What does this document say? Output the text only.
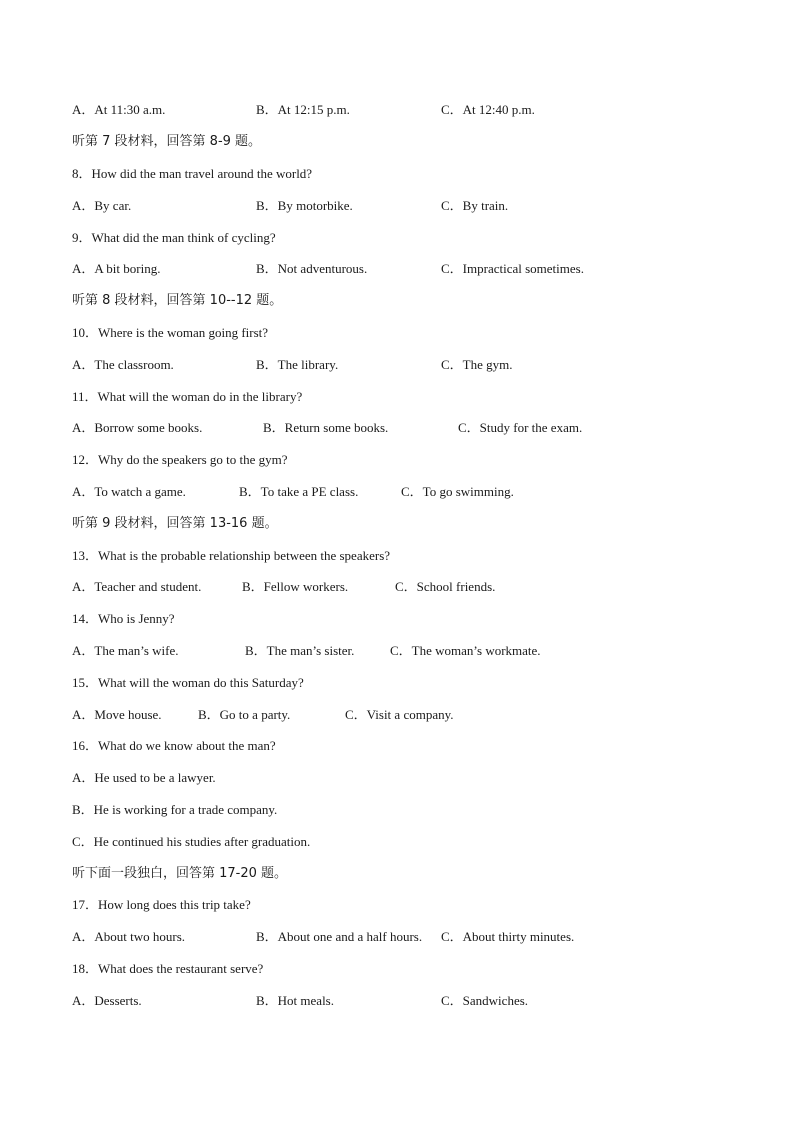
A．At 11:30 a.m.	B．At 12:15 p.m.	C．At 12:40 p.m.
听第 7 段材料，回答第 8-9 题。
8．How did the man travel around the world?
A．By car.	B．By motorbike.	C．By train.
9．What did the man think of cycling?
A．A bit boring.	B．Not adventurous.	C．Impractical sometimes.
听第 8 段材料，回答第 10--12 题。
10．Where is the woman going first?
A．The classroom.	B．The library.	C．The gym.
11．What will the woman do in the library?
A．Borrow some books.	B．Return some books.	C．Study for the exam.
12．Why do the speakers go to the gym?
A．To watch a game.	B．To take a PE class.	C．To go swimming.
听第 9 段材料，回答第 13-16 题。
13．What is the probable relationship between the speakers?
A．Teacher and student.	B．Fellow workers.	C．School friends.
14．Who is Jenny?
A．The man’s wife.	B．The man’s sister.	C．The woman’s workmate.
15．What will the woman do this Saturday?
A．Move house.	B．Go to a party.	C．Visit a company.
16．What do we know about the man?
A．He used to be a lawyer.
B．He is working for a trade company.
C．He continued his studies after graduation.
听下面一段独白，回答第 17-20 题。
17．How long does this trip take?
A．About two hours.	B．About one and a half hours. C．About thirty minutes.
18．What does the restaurant serve?
A．Desserts.	B．Hot meals.	C．Sandwiches.
